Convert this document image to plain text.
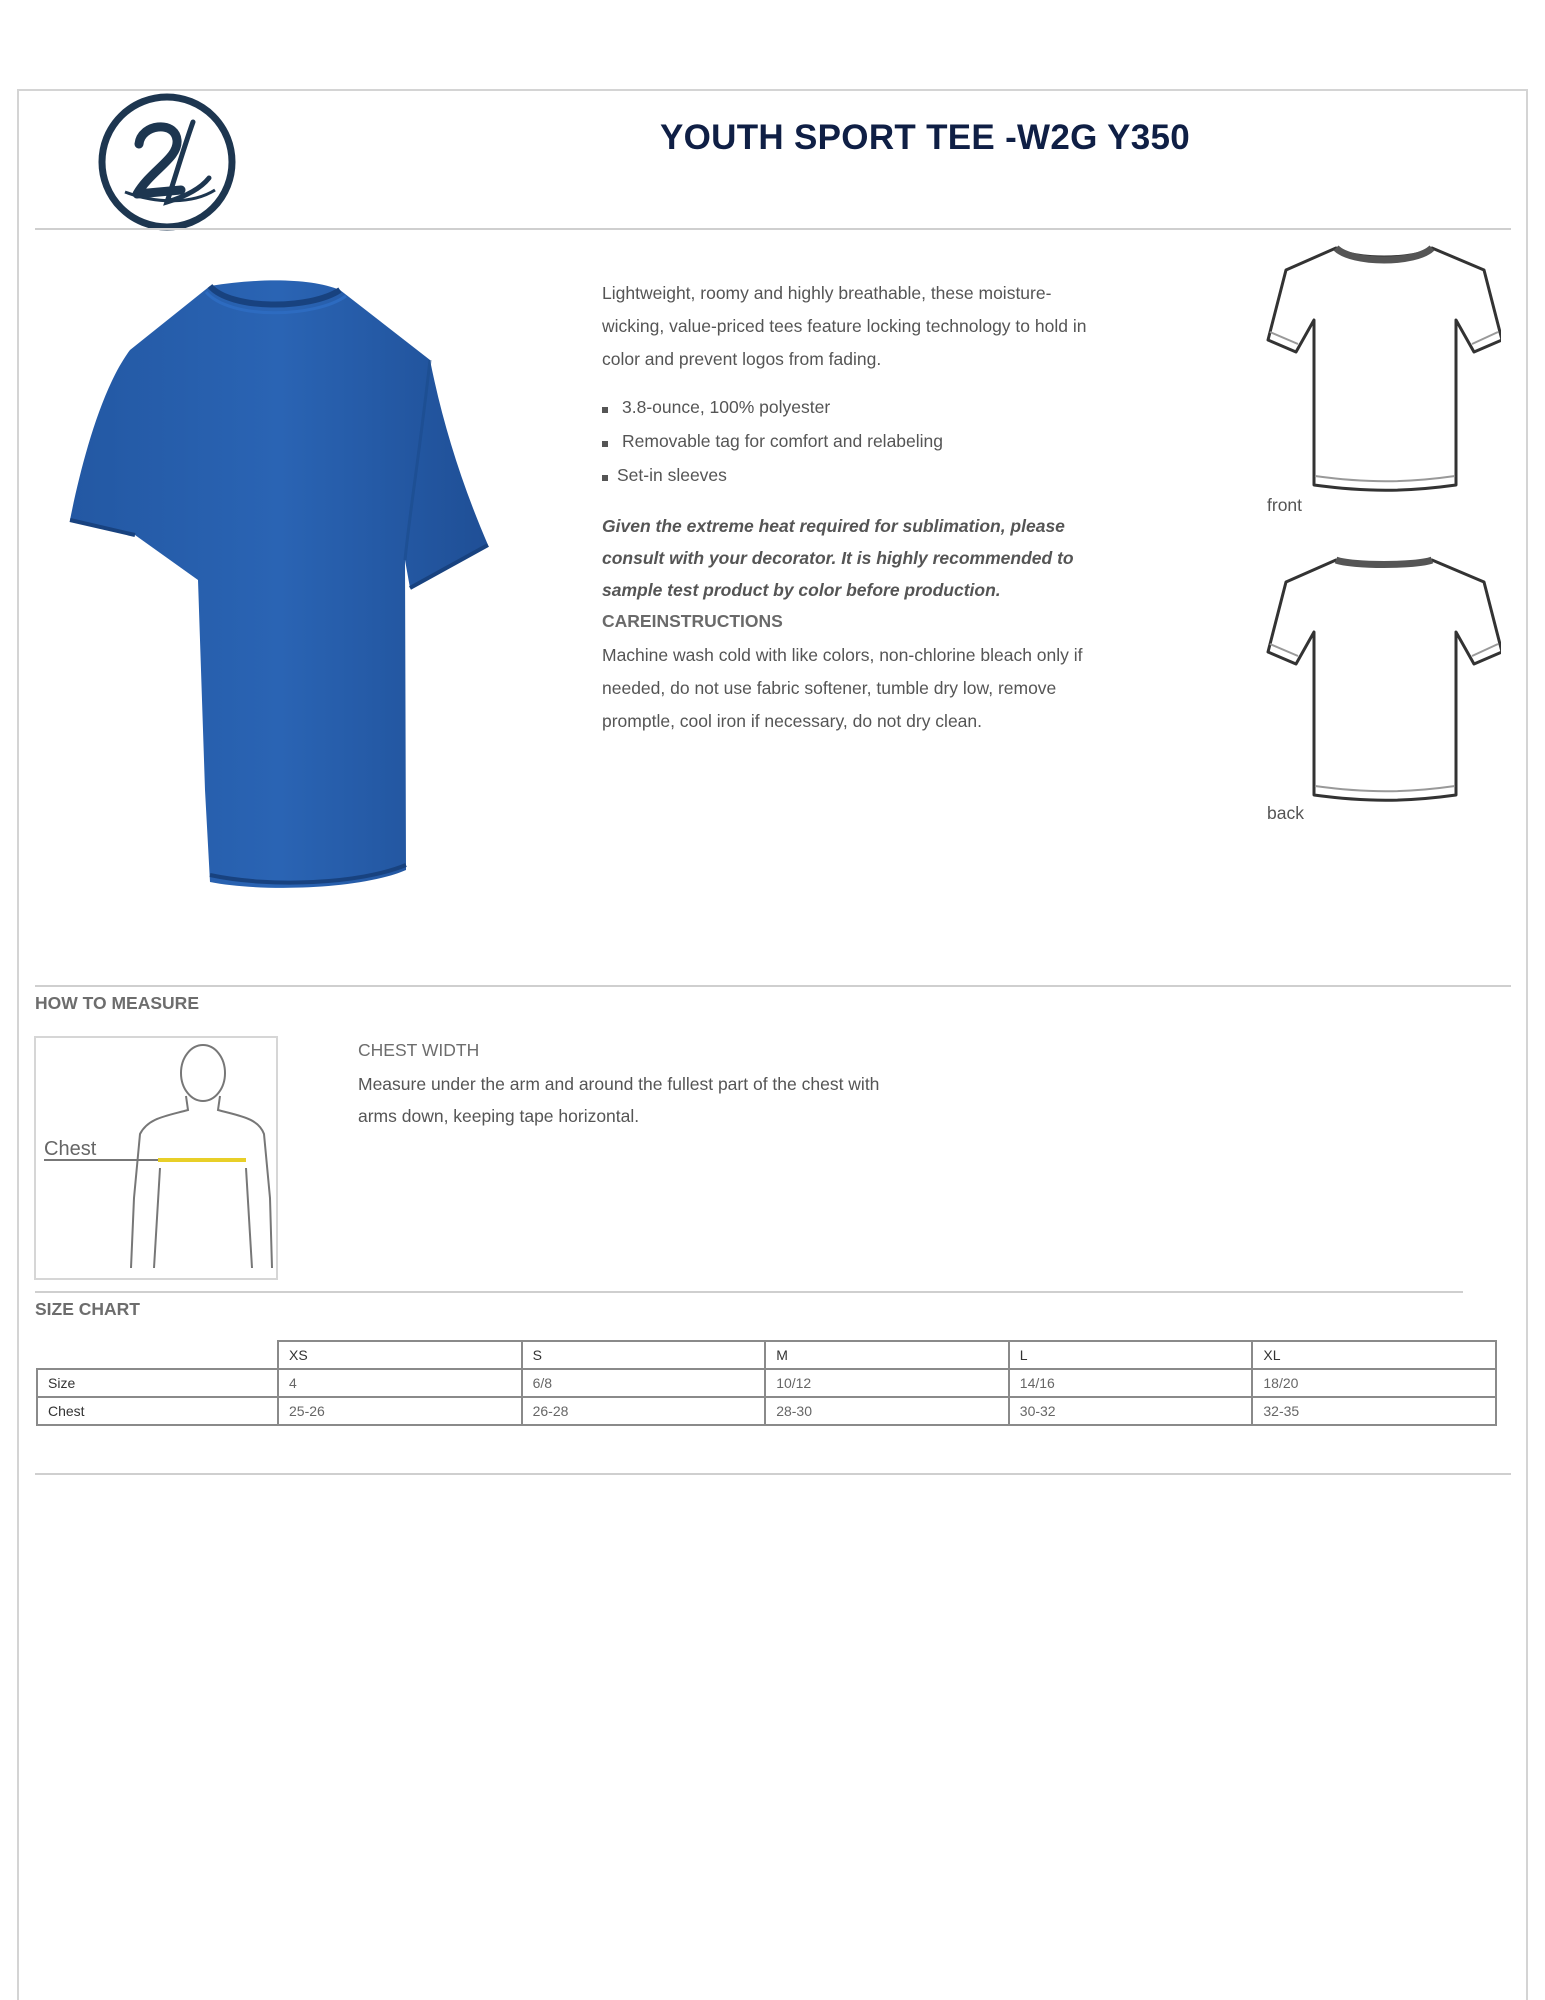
YOUTH SPORT TEE -W2G Y350
Lightweight, roomy and highly breathable, these moisture-wicking, value-priced tees feature locking technology to hold in color and prevent logos from fading.
3.8-ounce, 100% polyester
Removable tag for comfort and relabeling
Set-in sleeves
Given the extreme heat required for sublimation, please consult with your decorator. It is highly recommended to sample test product by color before production.
CAREINSTRUCTIONS
Machine wash cold with like colors, non-chlorine bleach only if needed, do not use fabric softener, tumble dry low, remove promptle, cool iron if necessary, do not dry clean.
front
back
HOW TO MEASURE
Chest
CHEST WIDTH
Measure under the arm and around the fullest part of the chest with arms down, keeping tape horizontal.
SIZE CHART
	XS	S	M	L	XL
Size	4	6/8	10/12	14/16	18/20
Chest	25-26	26-28	28-30	30-32	32-35
